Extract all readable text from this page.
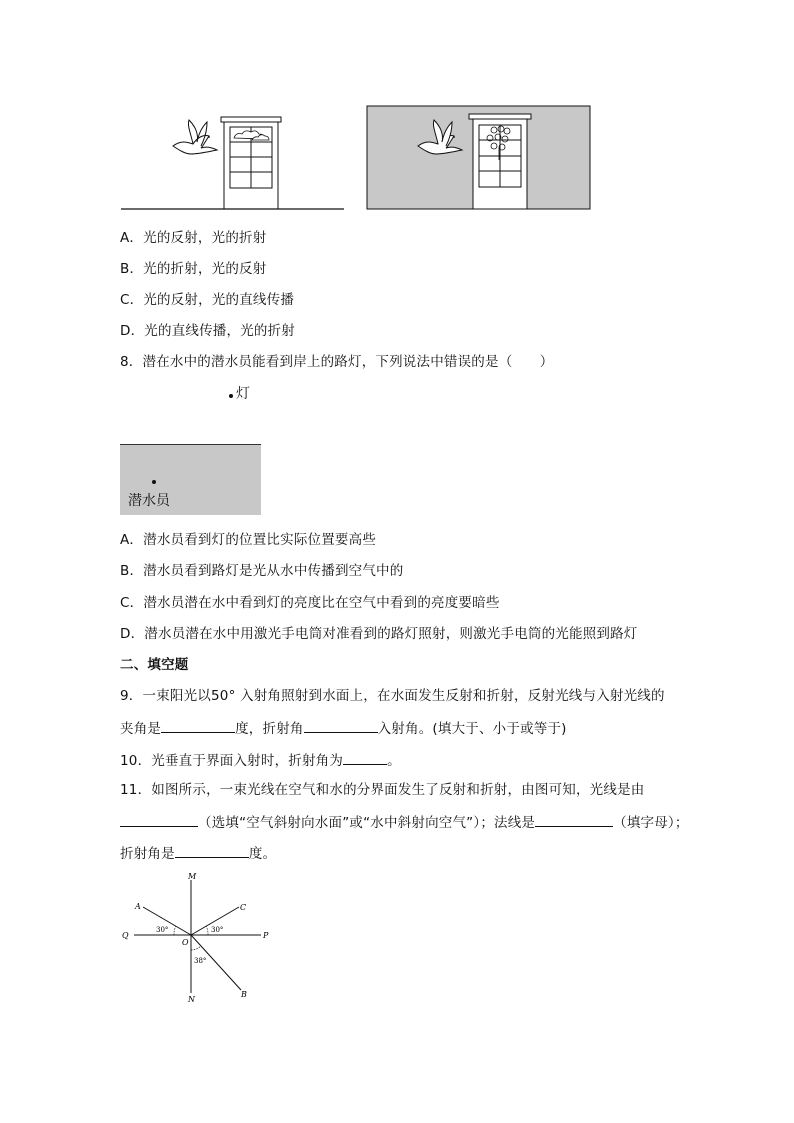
A．光的反射，光的折射
B．光的折射，光的反射
C．光的反射，光的直线传播
D．光的直线传播，光的折射
8．潜在水中的潜水员能看到岸上的路灯，下列说法中错误的是（　　）
灯
潜水员
A．潜水员看到灯的位置比实际位置要高些
B．潜水员看到路灯是光从水中传播到空气中的
C．潜水员潜在水中看到灯的亮度比在空气中看到的亮度要暗些
D．潜水员潜在水中用激光手电筒对准看到的路灯照射，则激光手电筒的光能照到路灯
二、填空题
9．一束阳光以50° 入射角照射到水面上，在水面发生反射和折射，反射光线与入射光线的
夹角是	度，折射角	入射角。(填大于、小于或等于)
10．光垂直于界面入射时，折射角为	。
11．如图所示，一束光线在空气和水的分界面发生了反射和折射，由图可知，光线是由
（选填“空气斜射向水面”或“水中斜射向空气”）；法线是	（填字母）；
折射角是	度。
M
N
A	C
B
Q	P
O
30°	30°
38°
